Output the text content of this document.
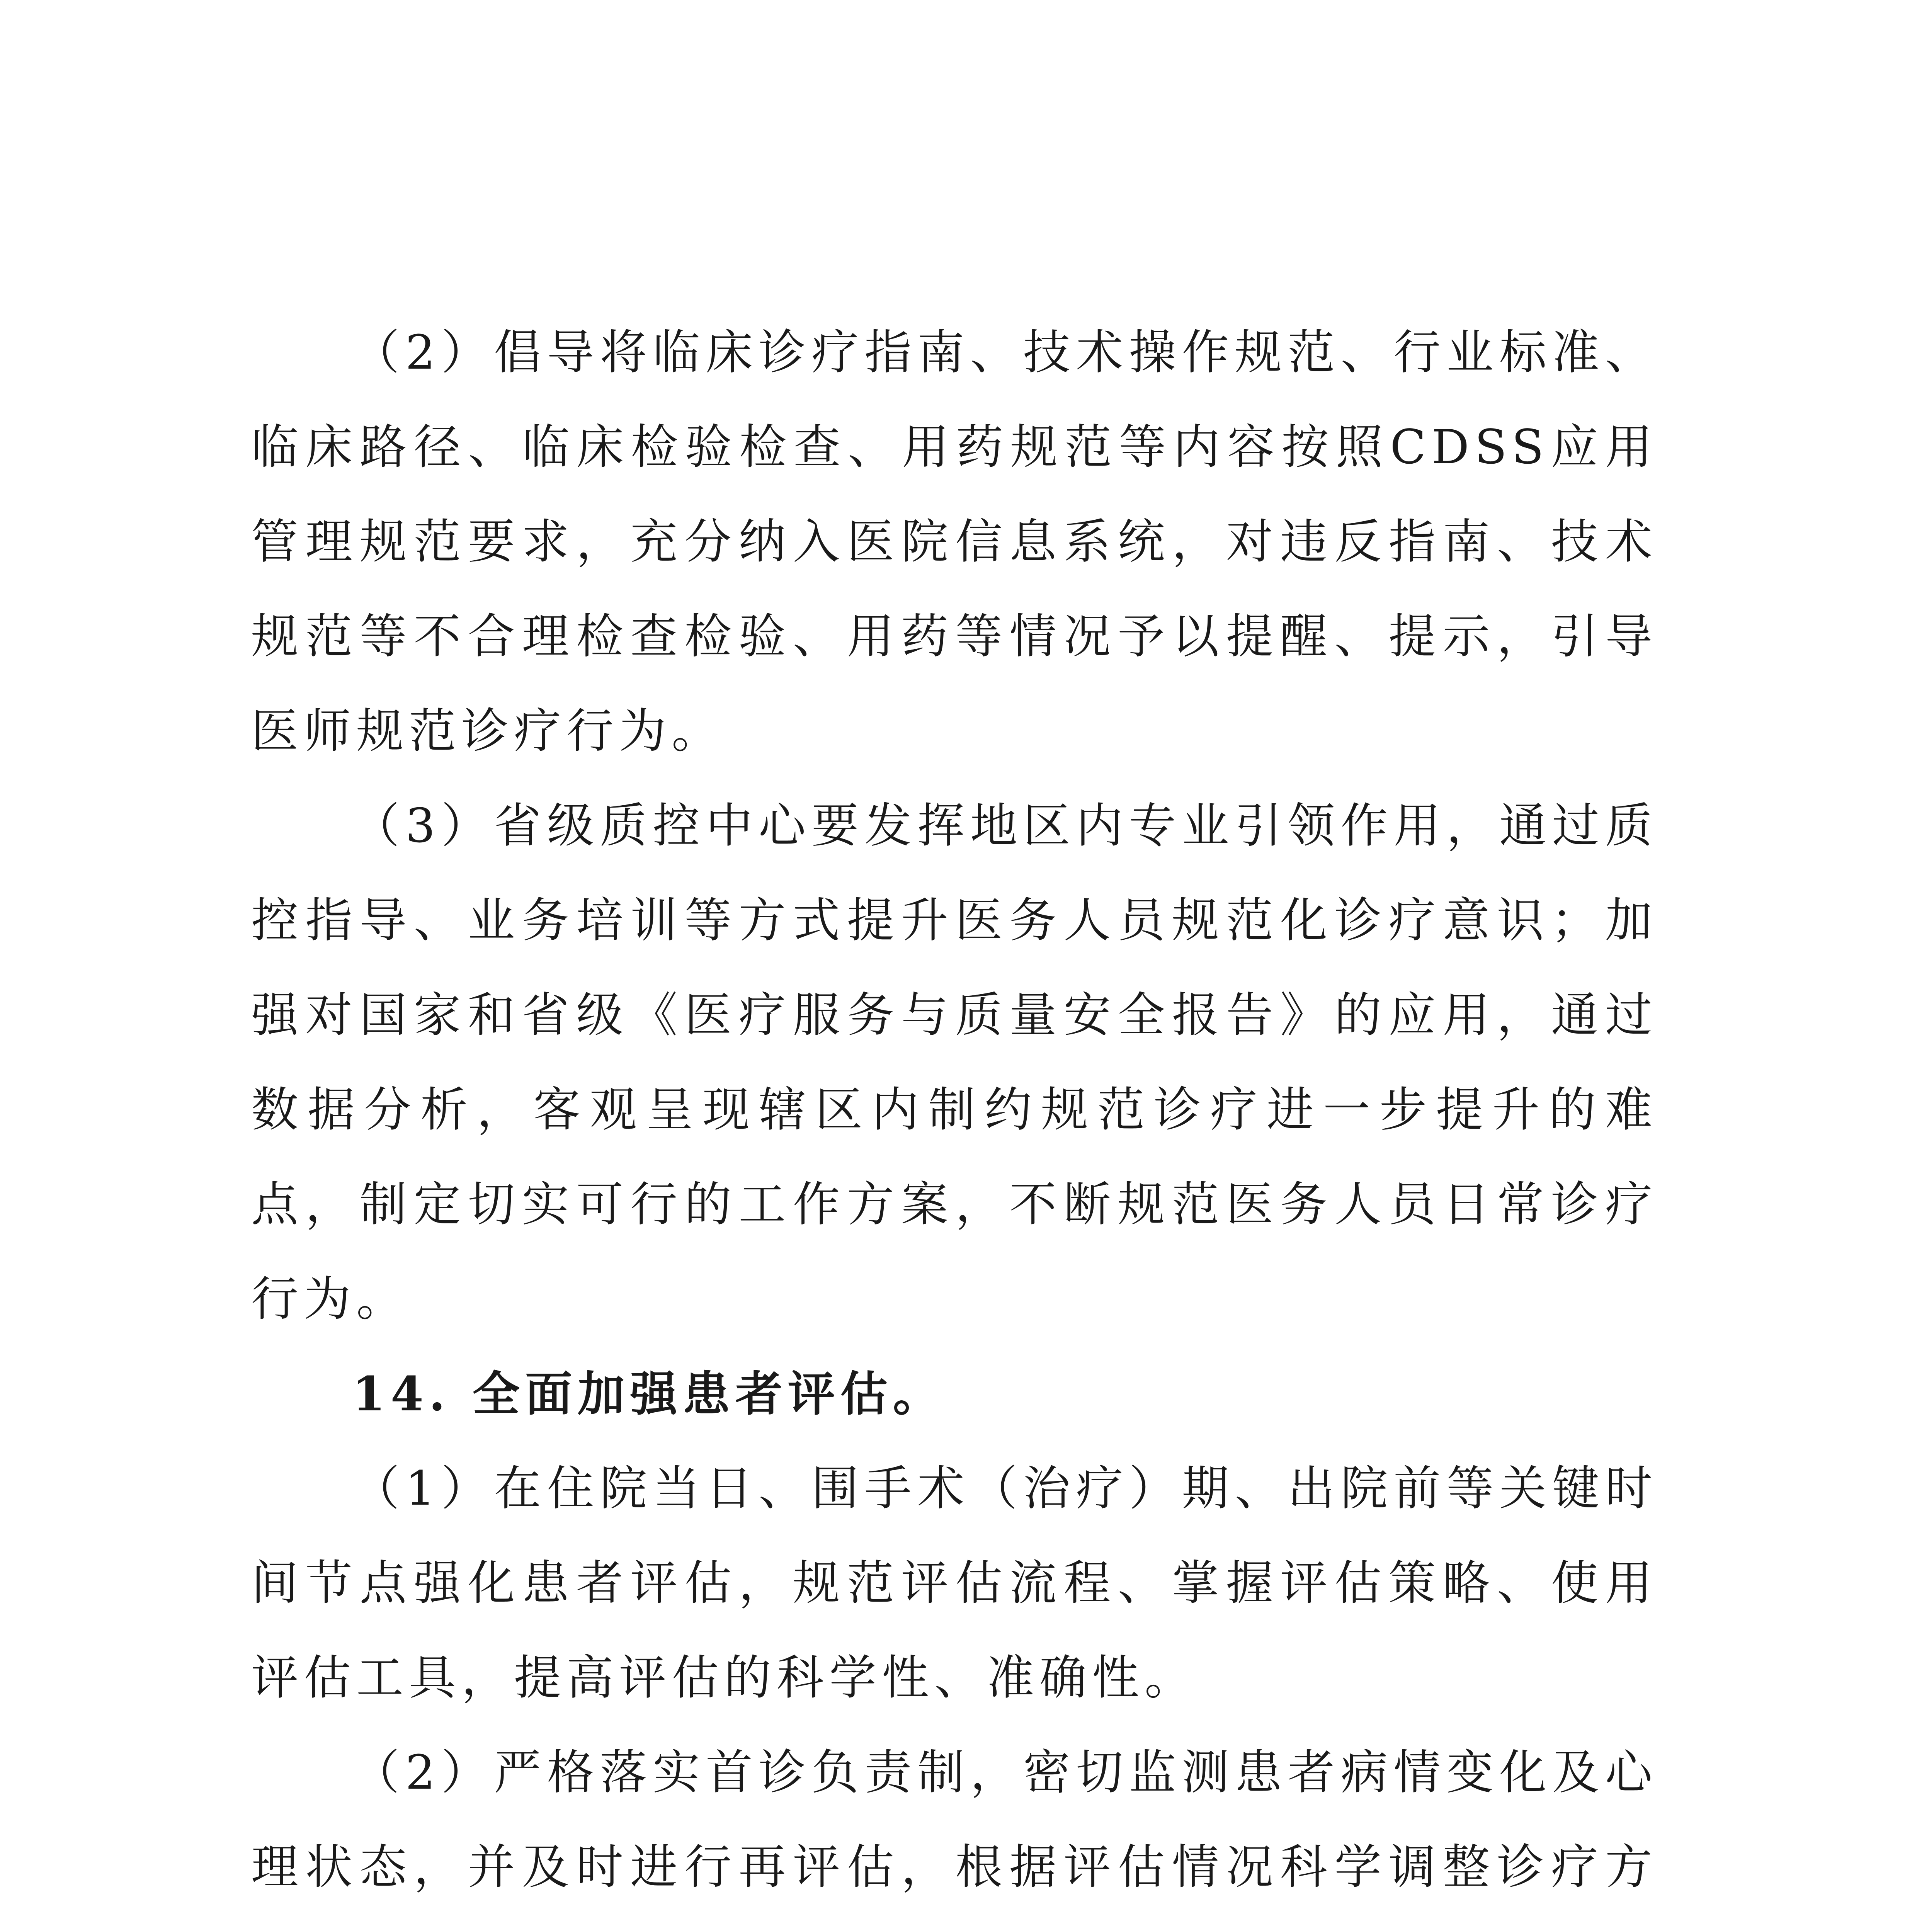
（2）倡导将临床诊疗指南、技术操作规范、行业标准、临床路径、临床检验检查、用药规范等内容按照CDSS应用管理规范要求，充分纳入医院信息系统，对违反指南、技术规范等不合理检查检验、用药等情况予以提醒、提示，引导医师规范诊疗行为。

（3）省级质控中心要发挥地区内专业引领作用，通过质控指导、业务培训等方式提升医务人员规范化诊疗意识；加强对国家和省级《医疗服务与质量安全报告》的应用，通过数据分析，客观呈现辖区内制约规范诊疗进一步提升的难点，制定切实可行的工作方案，不断规范医务人员日常诊疗行为。

14. 全面加强患者评估。

（1）在住院当日、围手术（治疗）期、出院前等关键时间节点强化患者评估，规范评估流程、掌握评估策略、使用评估工具，提高评估的科学性、准确性。

（2）严格落实首诊负责制，密切监测患者病情变化及心理状态，并及时进行再评估，根据评估情况科学调整诊疗方
